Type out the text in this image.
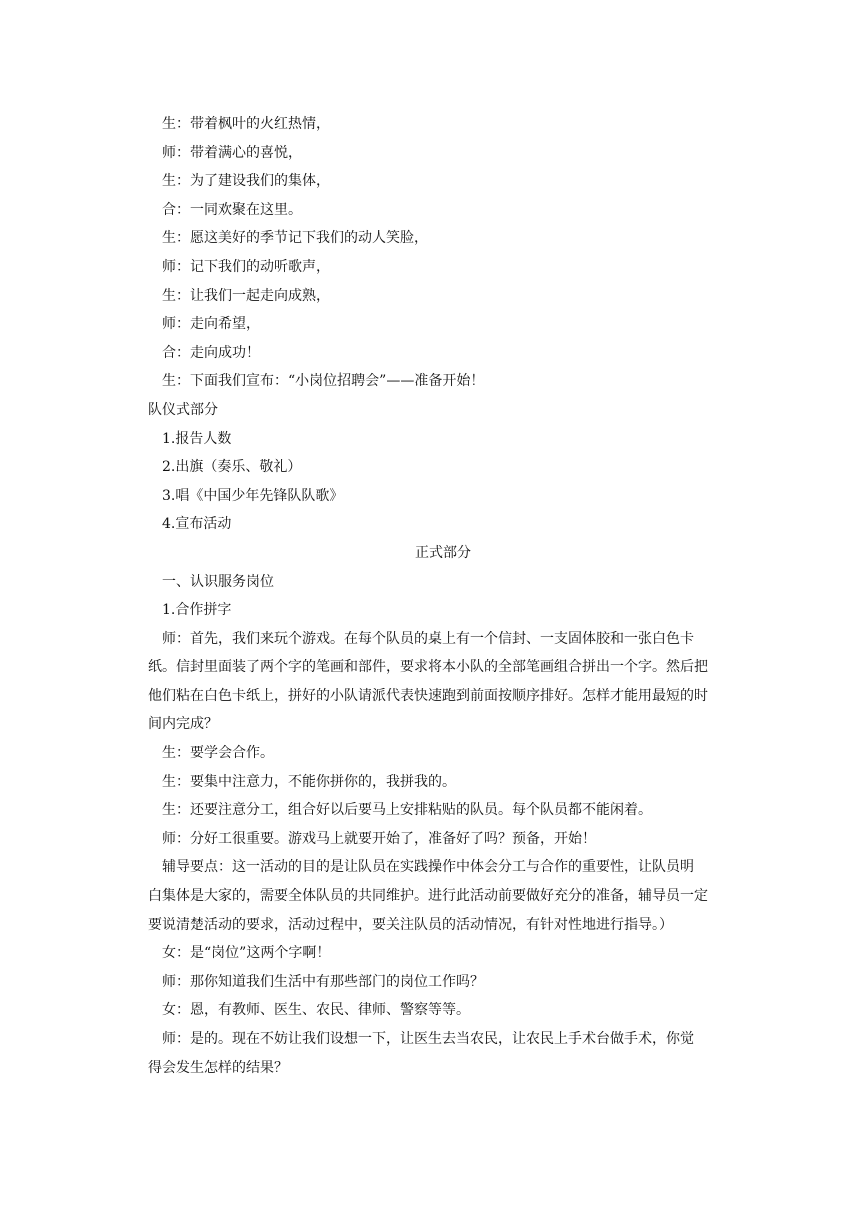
生：带着枫叶的火红热情，
师：带着满心的喜悦，
生：为了建设我们的集体，
合：一同欢聚在这里。
生：愿这美好的季节记下我们的动人笑脸，
师：记下我们的动听歌声，
生：让我们一起走向成熟，
师：走向希望，
合：走向成功！
生：下面我们宣布：“小岗位招聘会”——准备开始！
队仪式部分
1.报告人数
2.出旗（奏乐、敬礼）
3.唱《中国少年先锋队队歌》
4.宣布活动
正式部分
一、认识服务岗位
1.合作拼字
师：首先，我们来玩个游戏。在每个队员的桌上有一个信封、一支固体胶和一张白色卡
纸。信封里面装了两个字的笔画和部件，要求将本小队的全部笔画组合拼出一个字。然后把
他们粘在白色卡纸上，拼好的小队请派代表快速跑到前面按顺序排好。怎样才能用最短的时
间内完成？
生：要学会合作。
生：要集中注意力，不能你拼你的，我拼我的。
生：还要注意分工，组合好以后要马上安排粘贴的队员。每个队员都不能闲着。
师：分好工很重要。游戏马上就要开始了，准备好了吗？预备，开始！
辅导要点：这一活动的目的是让队员在实践操作中体会分工与合作的重要性，让队员明
白集体是大家的，需要全体队员的共同维护。进行此活动前要做好充分的准备，辅导员一定
要说清楚活动的要求，活动过程中，要关注队员的活动情况，有针对性地进行指导。）
女：是“岗位”这两个字啊！
师：那你知道我们生活中有那些部门的岗位工作吗？
女：恩，有教师、医生、农民、律师、警察等等。
师：是的。现在不妨让我们设想一下，让医生去当农民，让农民上手术台做手术，你觉
得会发生怎样的结果？
